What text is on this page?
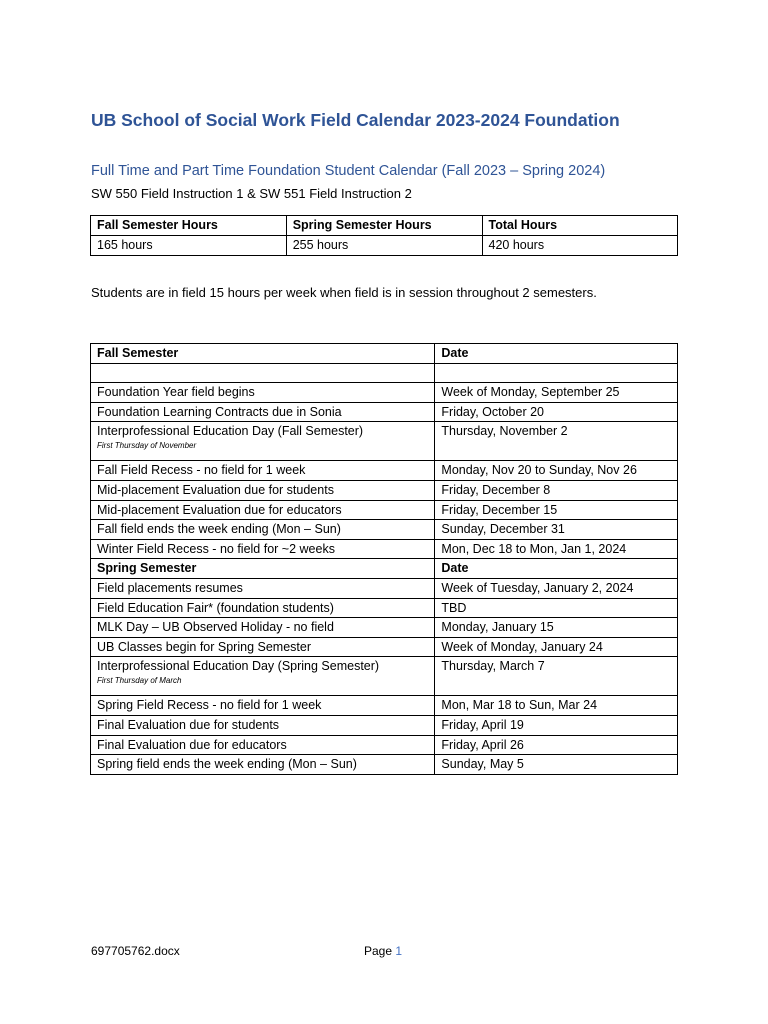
UB School of Social Work Field Calendar 2023-2024 Foundation

Full Time and Part Time Foundation Student Calendar (Fall 2023 – Spring 2024)

SW 550 Field Instruction 1 & SW 551 Field Instruction 2

Fall Semester Hours	Spring Semester Hours	Total Hours
165 hours	255 hours	420 hours

Students are in field 15 hours per week when field is in session throughout 2 semesters.

Fall Semester	Date

Foundation Year field begins	Week of Monday, September 25
Foundation Learning Contracts due in Sonia	Friday, October 20
Interprofessional Education Day (Fall Semester)
First Thursday of November	Thursday, November 2
Fall Field Recess - no field for 1 week	Monday, Nov 20 to Sunday, Nov 26
Mid-placement Evaluation due for students	Friday, December 8
Mid-placement Evaluation due for educators	Friday, December 15
Fall field ends the week ending (Mon – Sun)	Sunday, December 31
Winter Field Recess - no field for ~2 weeks	Mon, Dec 18 to Mon, Jan 1, 2024
Spring Semester	Date
Field placements resumes	Week of Tuesday, January 2, 2024
Field Education Fair* (foundation students)	TBD
MLK Day – UB Observed Holiday - no field	Monday, January 15
UB Classes begin for Spring Semester	Week of Monday, January 24
Interprofessional Education Day (Spring Semester)
First Thursday of March	Thursday, March 7
Spring Field Recess - no field for 1 week	Mon, Mar 18 to Sun, Mar 24
Final Evaluation due for students	Friday, April 19
Final Evaluation due for educators	Friday, April 26
Spring field ends the week ending (Mon – Sun)	Sunday, May 5

697705762.docx	Page 1
